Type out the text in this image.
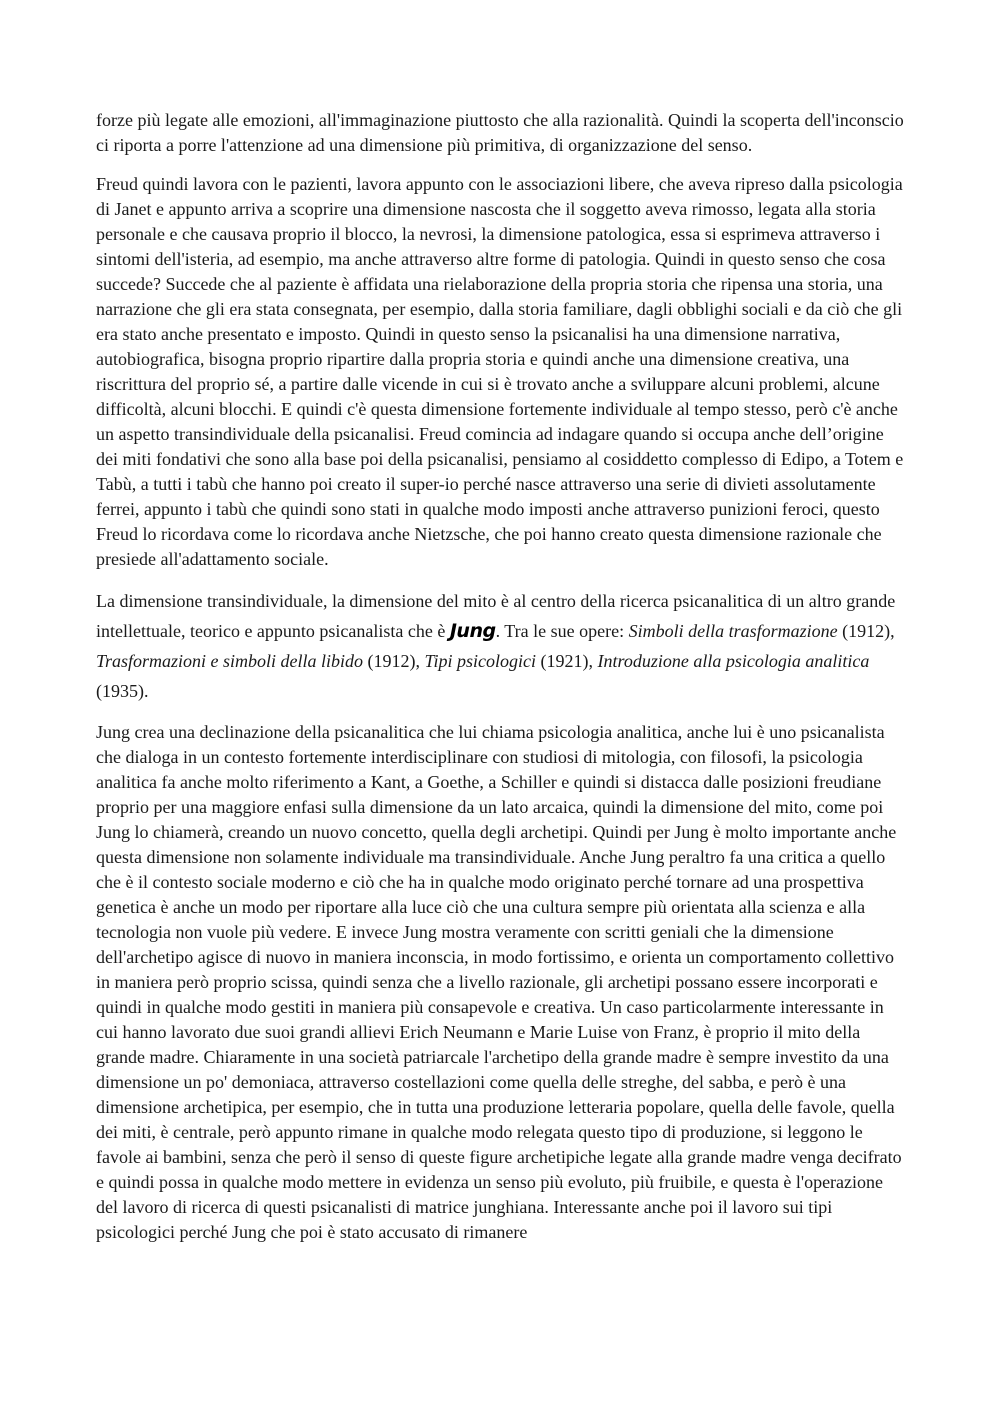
forze più legate alle emozioni, all'immaginazione piuttosto che alla razionalità. Quindi la scoperta dell'inconscio ci riporta a porre l'attenzione ad una dimensione più primitiva, di organizzazione del senso.

Freud quindi lavora con le pazienti, lavora appunto con le associazioni libere, che aveva ripreso dalla psicologia di Janet e appunto arriva a scoprire una dimensione nascosta che il soggetto aveva rimosso, legata alla storia personale e che causava proprio il blocco, la nevrosi, la dimensione patologica, essa si esprimeva attraverso i sintomi dell'isteria, ad esempio, ma anche attraverso altre forme di patologia. Quindi in questo senso che cosa succede? Succede che al paziente è affidata una rielaborazione della propria storia che ripensa una storia, una narrazione che gli era stata consegnata, per esempio, dalla storia familiare, dagli obblighi sociali e da ciò che gli era stato anche presentato e imposto. Quindi in questo senso la psicanalisi ha una dimensione narrativa, autobiografica, bisogna proprio ripartire dalla propria storia e quindi anche una dimensione creativa, una riscrittura del proprio sé, a partire dalle vicende in cui si è trovato anche a sviluppare alcuni problemi, alcune difficoltà, alcuni blocchi. E quindi c'è questa dimensione fortemente individuale al tempo stesso, però c'è anche un aspetto transindividuale della psicanalisi. Freud comincia ad indagare quando si occupa anche dell’origine dei miti fondativi che sono alla base poi della psicanalisi, pensiamo al cosiddetto complesso di Edipo, a Totem e Tabù, a tutti i tabù che hanno poi creato il super-io perché nasce attraverso una serie di divieti assolutamente ferrei, appunto i tabù che quindi sono stati in qualche modo imposti anche attraverso punizioni feroci, questo Freud lo ricordava come lo ricordava anche Nietzsche, che poi hanno creato questa dimensione razionale che presiede all'adattamento sociale.

La dimensione transindividuale, la dimensione del mito è al centro della ricerca psicanalitica di un altro grande intellettuale, teorico e appunto psicanalista che è Jung. Tra le sue opere: Simboli della trasformazione (1912), Trasformazioni e simboli della libido (1912), Tipi psicologici (1921), Introduzione alla psicologia analitica (1935).

Jung crea una declinazione della psicanalitica che lui chiama psicologia analitica, anche lui è uno psicanalista che dialoga in un contesto fortemente interdisciplinare con studiosi di mitologia, con filosofi, la psicologia analitica fa anche molto riferimento a Kant, a Goethe, a Schiller e quindi si distacca dalle posizioni freudiane proprio per una maggiore enfasi sulla dimensione da un lato arcaica, quindi la dimensione del mito, come poi Jung lo chiamerà, creando un nuovo concetto, quella degli archetipi. Quindi per Jung è molto importante anche questa dimensione non solamente individuale ma transindividuale. Anche Jung peraltro fa una critica a quello che è il contesto sociale moderno e ciò che ha in qualche modo originato perché tornare ad una prospettiva genetica è anche un modo per riportare alla luce ciò che una cultura sempre più orientata alla scienza e alla tecnologia non vuole più vedere. E invece Jung mostra veramente con scritti geniali che la dimensione dell'archetipo agisce di nuovo in maniera inconscia, in modo fortissimo, e orienta un comportamento collettivo in maniera però proprio scissa, quindi senza che a livello razionale, gli archetipi possano essere incorporati e quindi in qualche modo gestiti in maniera più consapevole e creativa. Un caso particolarmente interessante in cui hanno lavorato due suoi grandi allievi Erich Neumann e Marie Luise von Franz, è proprio il mito della grande madre. Chiaramente in una società patriarcale l'archetipo della grande madre è sempre investito da una dimensione un po' demoniaca, attraverso costellazioni come quella delle streghe, del sabba, e però è una dimensione archetipica, per esempio, che in tutta una produzione letteraria popolare, quella delle favole, quella dei miti, è centrale, però appunto rimane in qualche modo relegata questo tipo di produzione, si leggono le favole ai bambini, senza che però il senso di queste figure archetipiche legate alla grande madre venga decifrato e quindi possa in qualche modo mettere in evidenza un senso più evoluto, più fruibile, e questa è l'operazione del lavoro di ricerca di questi psicanalisti di matrice junghiana. Interessante anche poi il lavoro sui tipi psicologici perché Jung che poi è stato accusato di rimanere
